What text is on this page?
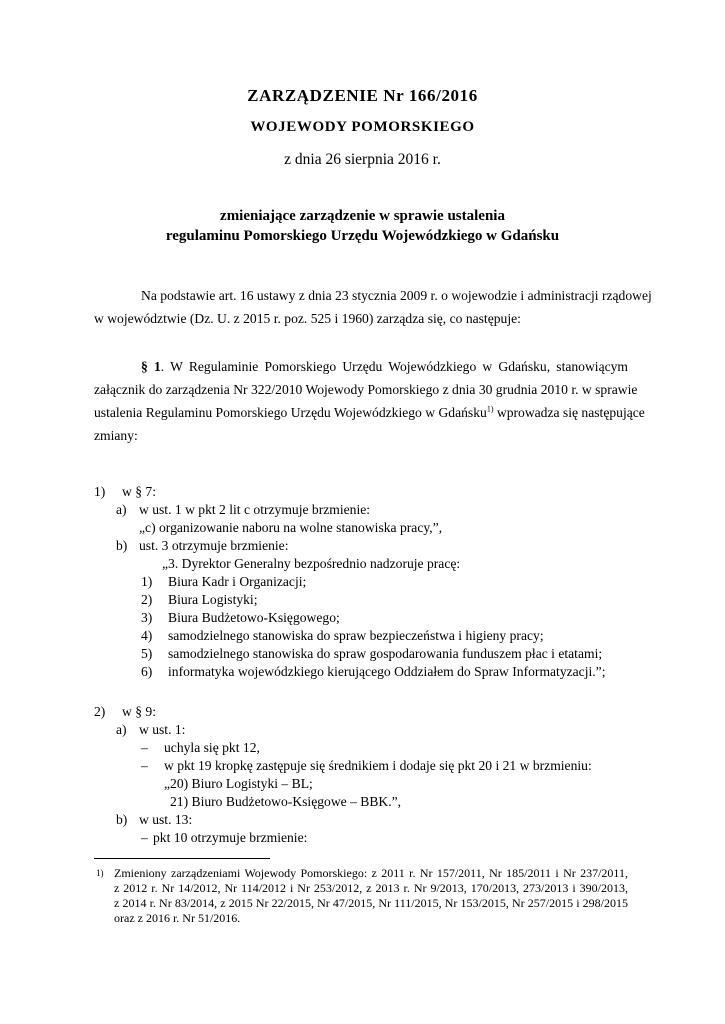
ZARZĄDZENIE Nr 166/2016
WOJEWODY POMORSKIEGO
z dnia 26 sierpnia 2016 r.
zmieniające zarządzenie w sprawie ustalenia
regulaminu Pomorskiego Urzędu Wojewódzkiego w Gdańsku
Na podstawie art. 16 ustawy z dnia 23 stycznia 2009 r. o wojewodzie i administracji rządowej
w województwie (Dz. U. z 2015 r. poz. 525 i 1960) zarządza się, co następuje:
§ 1. W Regulaminie Pomorskiego Urzędu Wojewódzkiego w Gdańsku, stanowiącym
załącznik do zarządzenia Nr 322/2010 Wojewody Pomorskiego z dnia 30 grudnia 2010 r. w sprawie
ustalenia Regulaminu Pomorskiego Urzędu Wojewódzkiego w Gdańsku$^{1)}$ wprowadza się następujące
zmiany:
1) w § 7:
a) w ust. 1 w pkt 2 lit c otrzymuje brzmienie:
„c) organizowanie naboru na wolne stanowiska pracy,”,
b) ust. 3 otrzymuje brzmienie:
„3. Dyrektor Generalny bezpośrednio nadzoruje pracę:
1) Biura Kadr i Organizacji;
2) Biura Logistyki;
3) Biura Budżetowo-Księgowego;
4) samodzielnego stanowiska do spraw bezpieczeństwa i higieny pracy;
5) samodzielnego stanowiska do spraw gospodarowania funduszem płac i etatami;
6) informatyka wojewódzkiego kierującego Oddziałem do Spraw Informatyzacji.”;
2) w § 9:
a) w ust. 1:
– uchyla się pkt 12,
– w pkt 19 kropkę zastępuje się średnikiem i dodaje się pkt 20 i 21 w brzmieniu:
„20) Biuro Logistyki – BL;
21) Biuro Budżetowo-Księgowe – BBK.”,
b) w ust. 13:
– pkt 10 otrzymuje brzmienie:
1) Zmieniony zarządzeniami Wojewody Pomorskiego: z 2011 r. Nr 157/2011, Nr 185/2011 i Nr 237/2011,
z 2012 r. Nr 14/2012, Nr 114/2012 i Nr 253/2012, z 2013 r. Nr 9/2013, 170/2013, 273/2013 i 390/2013,
z 2014 r. Nr 83/2014, z 2015 Nr 22/2015, Nr 47/2015, Nr 111/2015, Nr 153/2015, Nr 257/2015 i 298/2015
oraz z 2016 r. Nr 51/2016.
